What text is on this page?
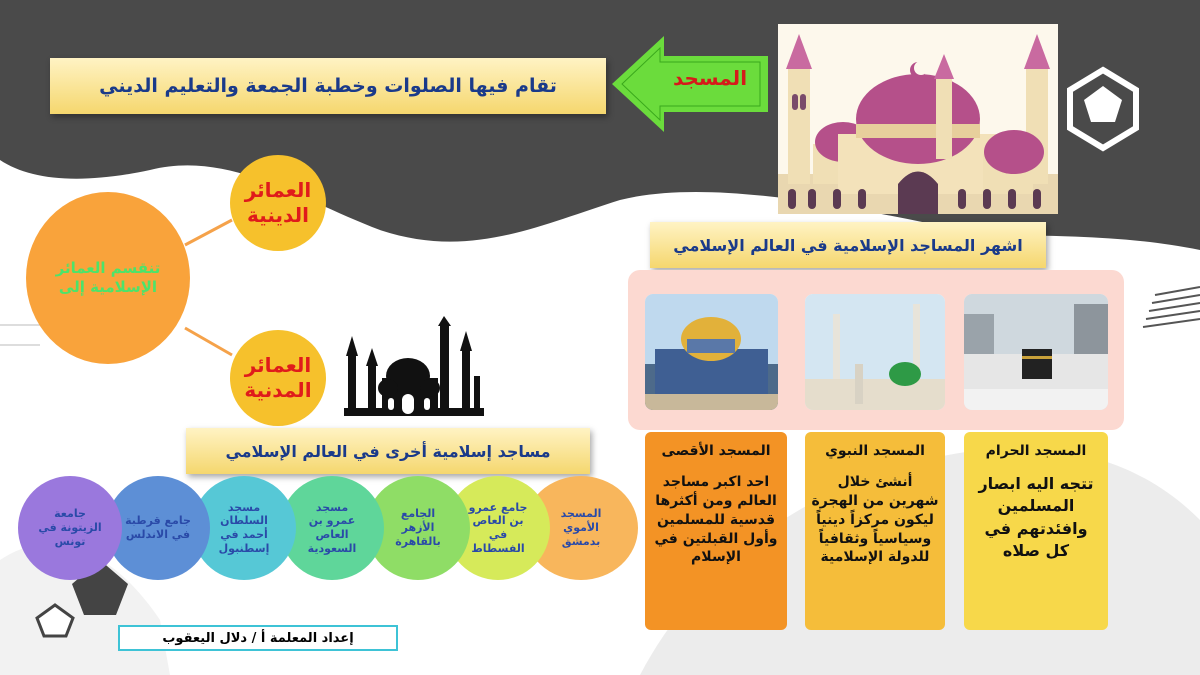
تقام فيها الصلوات وخطبة الجمعة والتعليم الديني	المسجد
تنقسم العمائر الإسلامية إلى
العمائر الدينية
العمائر المدنية
اشهر المساجد الإسلامية في العالم الإسلامي
المسجد الحرام
تتجه اليه ابصار المسلمين وافئدتهم في كل صلاه
المسجد النبوي
أنشئ خلال شهرين من الهجرة ليكون مركزاً دينياً وسياسياً وثقافياً للدولة الإسلامية
المسجد الأقصى
احد اكبر مساجد العالم ومن أكثرها قدسية للمسلمين وأول القبلتين في الإسلام
مساجد إسلامية أخرى في العالم الإسلامي
المسجد الأموي بدمشق
جامع عمرو بن العاص في الفسطاط
الجامع الأزهر بالقاهرة
مسجد عمرو بن العاص السعودية
مسجد السلطان أحمد في إسطنبول
جامع قرطبة في الاندلس
جامعة الزيتونة في تونس
إعداد المعلمة أ / دلال اليعقوب
